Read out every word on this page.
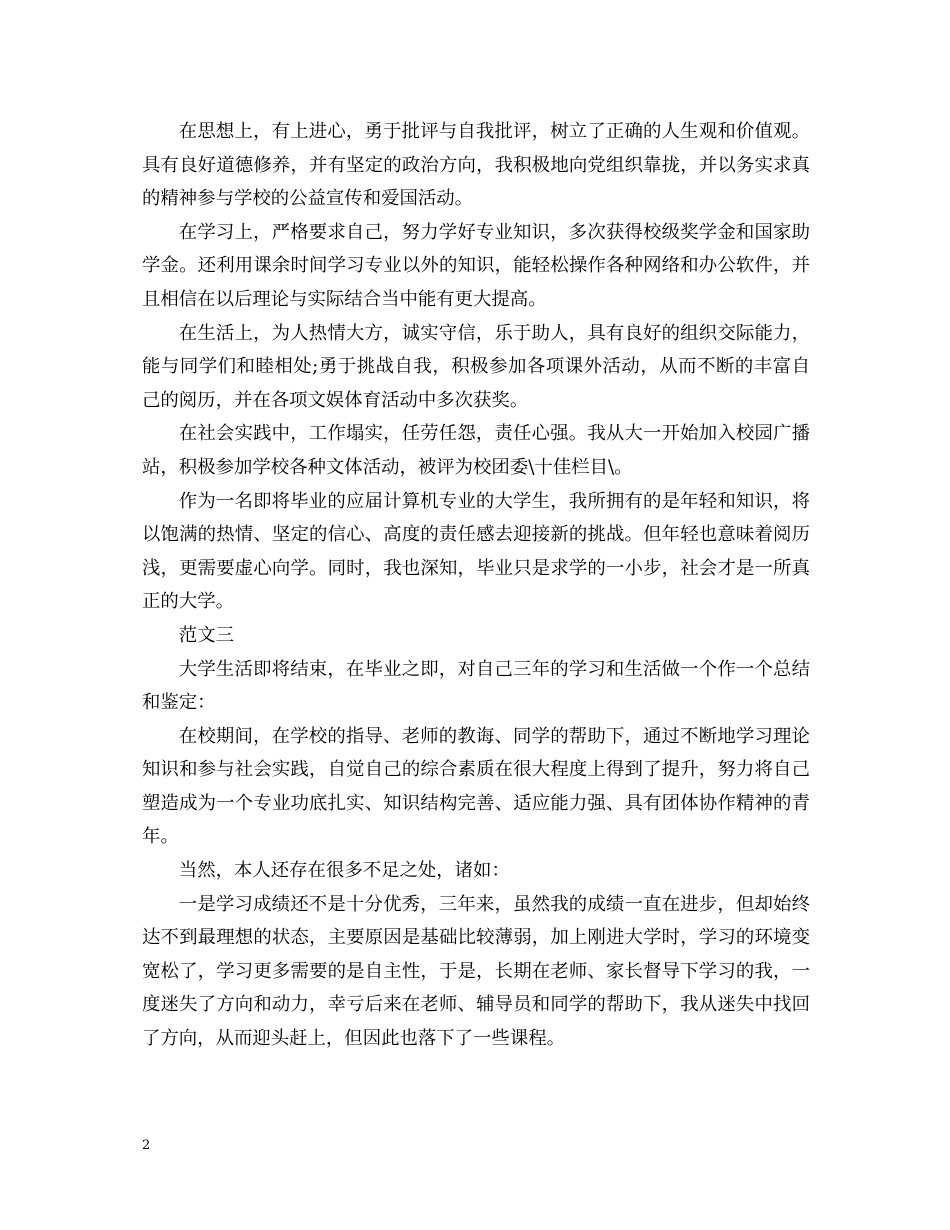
在思想上，有上进心，勇于批评与自我批评，树立了正确的人生观和价值观。具有良好道德修养，并有坚定的政治方向，我积极地向党组织靠拢，并以务实求真的精神参与学校的公益宣传和爱国活动。

在学习上，严格要求自己，努力学好专业知识，多次获得校级奖学金和国家助学金。还利用课余时间学习专业以外的知识，能轻松操作各种网络和办公软件，并且相信在以后理论与实际结合当中能有更大提高。

在生活上，为人热情大方，诚实守信，乐于助人，具有良好的组织交际能力，能与同学们和睦相处;勇于挑战自我，积极参加各项课外活动，从而不断的丰富自己的阅历，并在各项文娱体育活动中多次获奖。

在社会实践中，工作塌实，任劳任怨，责任心强。我从大一开始加入校园广播站，积极参加学校各种文体活动，被评为校团委\十佳栏目\。

作为一名即将毕业的应届计算机专业的大学生，我所拥有的是年轻和知识，将以饱满的热情、坚定的信心、高度的责任感去迎接新的挑战。但年轻也意味着阅历浅，更需要虚心向学。同时，我也深知，毕业只是求学的一小步，社会才是一所真正的大学。

范文三

大学生活即将结束，在毕业之即，对自己三年的学习和生活做一个作一个总结和鉴定：

在校期间，在学校的指导、老师的教诲、同学的帮助下，通过不断地学习理论知识和参与社会实践，自觉自己的综合素质在很大程度上得到了提升，努力将自己塑造成为一个专业功底扎实、知识结构完善、适应能力强、具有团体协作精神的青年。

当然，本人还存在很多不足之处，诸如：

一是学习成绩还不是十分优秀，三年来，虽然我的成绩一直在进步，但却始终达不到最理想的状态，主要原因是基础比较薄弱，加上刚进大学时，学习的环境变宽松了，学习更多需要的是自主性，于是，长期在老师、家长督导下学习的我，一度迷失了方向和动力，幸亏后来在老师、辅导员和同学的帮助下，我从迷失中找回了方向，从而迎头赶上，但因此也落下了一些课程。

2
